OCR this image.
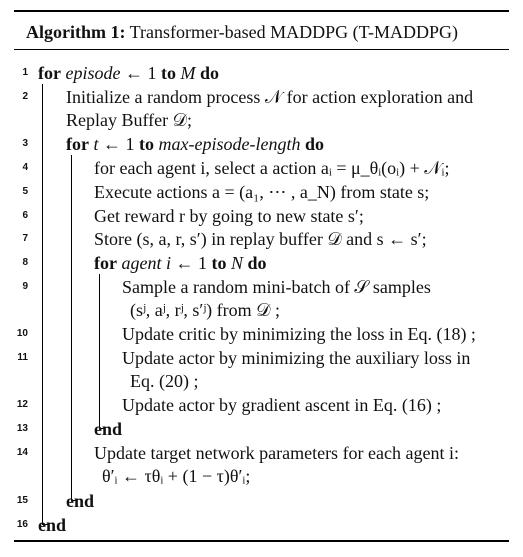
Algorithm 1: Transformer-based MADDPG (T-MADDPG)
1
2
3
4
5
6
7
8
9
10
11
12
13
14
15
16
for episode ← 1 to M do
Initialize a random process 𝒩 for action exploration and
Replay Buffer 𝒟;
for t ← 1 to max-episode-length do
for each agent i, select a action aᵢ = μ_θᵢ(oᵢ) + 𝒩ᵢ;
Execute actions a = (a₁, ⋯ , a_N) from state s;
Get reward r by going to new state s′;
Store (s, a, r, s′) in replay buffer 𝒟 and s ← s′;
for agent i ← 1 to N do
Sample a random mini-batch of 𝒮 samples
(sʲ, aʲ, rʲ, s′ʲ) from 𝒟 ;
Update critic by minimizing the loss in Eq. (18) ;
Update actor by minimizing the auxiliary loss in
Eq. (20) ;
Update actor by gradient ascent in Eq. (16) ;
end
Update target network parameters for each agent i:
θ′ᵢ ← τθᵢ + (1 − τ)θ′ᵢ;
end
end
